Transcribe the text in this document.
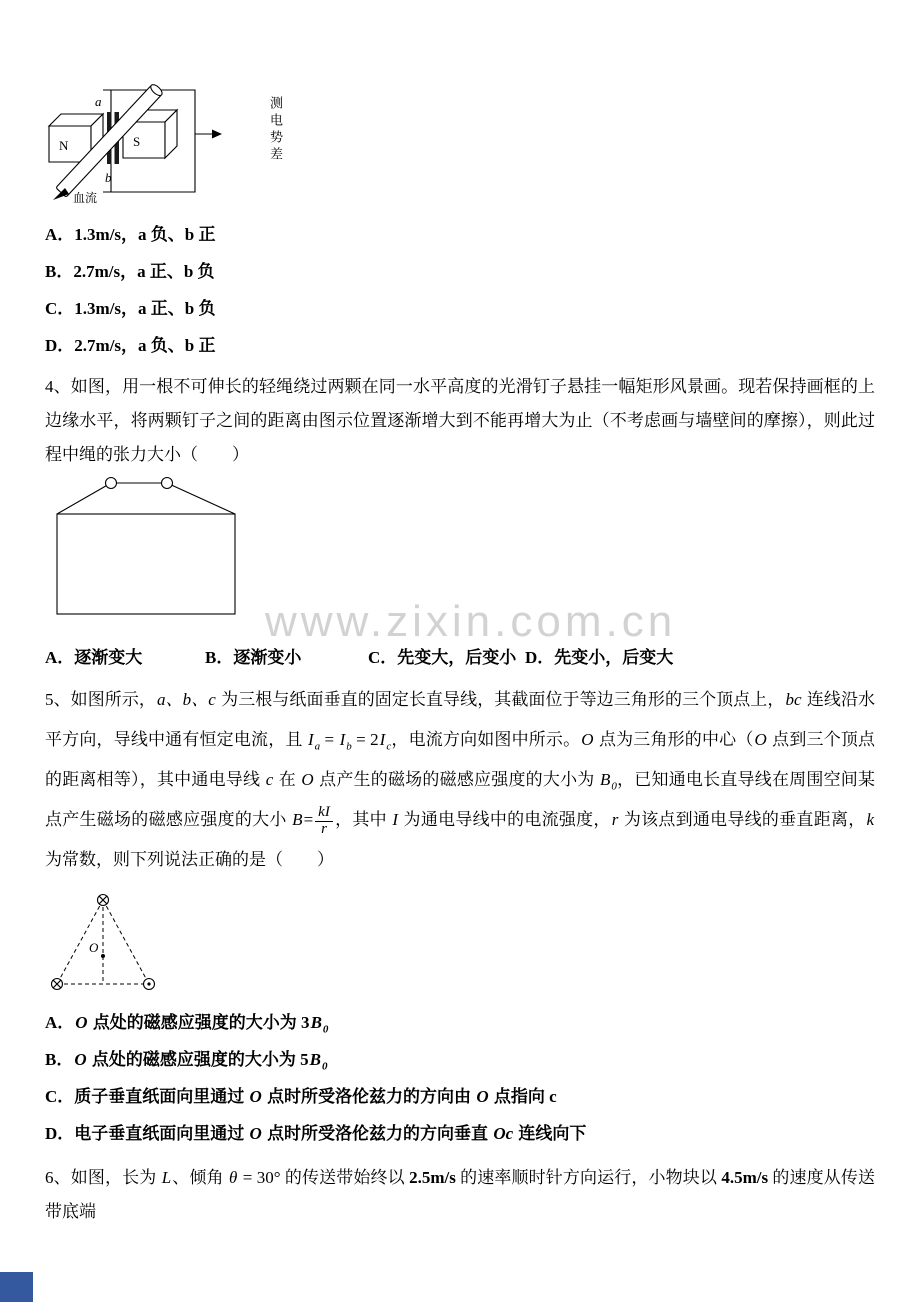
www.zixin.com.cn
N	S
a
b
血流
测电势差
A．1.3m/s，a 负、b 正
B．2.7m/s，a 正、b 负
C．1.3m/s，a 正、b 负
D．2.7m/s，a 负、b 正

4、如图，用一根不可伸长的轻绳绕过两颗在同一水平高度的光滑钉子悬挂一幅矩形风景画。现若保持画框的上边缘水平，将两颗钉子之间的距离由图示位置逐渐增大到不能再增大为止（不考虑画与墙壁间的摩擦），则此过程中绳的张力大小（　　）

A．逐渐变大	B．逐渐变小	C．先变大，后变小 D．先变小，后变大

5、如图所示，a、b、c 为三根与纸面垂直的固定长直导线，其截面位于等边三角形的三个顶点上，bc 连线沿水平方向，导线中通有恒定电流，且 $I_a = I_b = 2I_c$，电流方向如图中所示。O 点为三角形的中心（O 点到三个顶点的距离相等），其中通电导线 c 在 O 点产生的磁场的磁感应强度的大小为 $B_0$，已知通电长直导线在周围空间某点产生磁场的磁感应强度的大小 $B= \frac{kI}{r}$ ，其中 I 为通电导线中的电流强度，r 为该点到通电导线的垂直距离，k 为常数，则下列说法正确的是（　　）

O
A．O 点处的磁感应强度的大小为 $3B_0$
B．O 点处的磁感应强度的大小为 $5B_0$
C．质子垂直纸面向里通过 O 点时所受洛伦兹力的方向由 O 点指向 c
D．电子垂直纸面向里通过 O 点时所受洛伦兹力的方向垂直 Oc 连线向下

6、如图，长为 L、倾角 θ = 30° 的传送带始终以 2.5m/s 的速率顺时针方向运行，小物块以 4.5m/s 的速度从传送带底端
